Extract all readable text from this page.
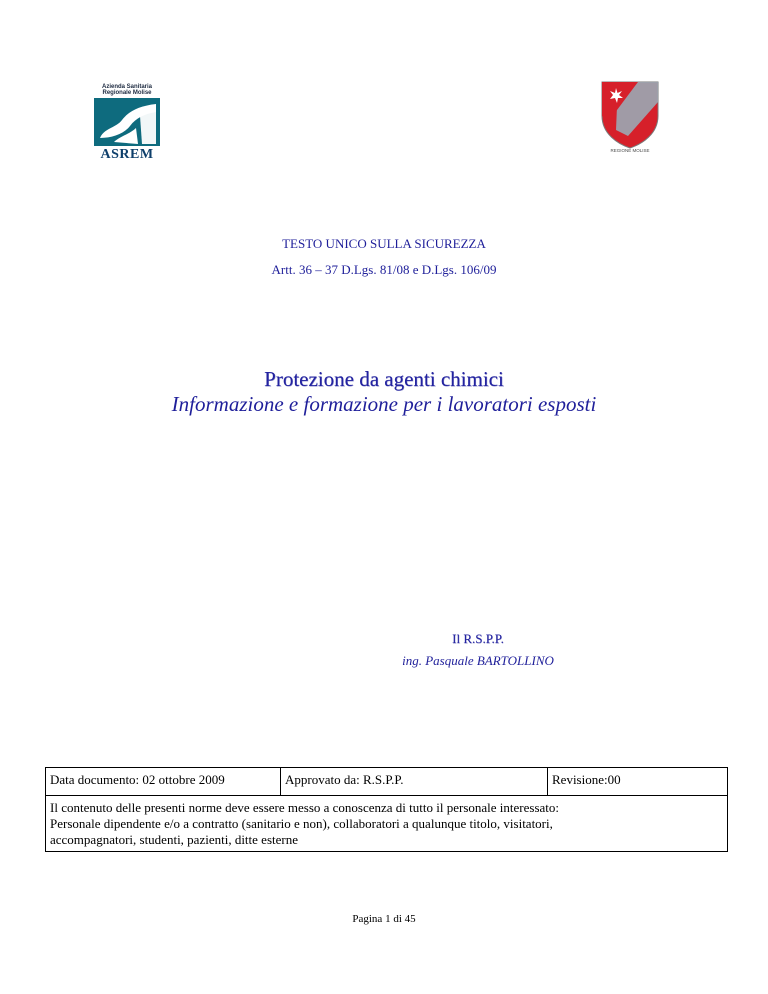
Azienda Sanitaria
Regionale Molise
ASREM	REGIONE MOLISE
TESTO UNICO SULLA SICUREZZA
Artt. 36 – 37 D.Lgs. 81/08 e D.Lgs. 106/09
Protezione da agenti chimici
Informazione e formazione per i lavoratori esposti
Il R.S.P.P.
ing. Pasquale BARTOLLINO
Data documento: 02 ottobre 2009	Approvato da: R.S.P.P.	Revisione:00

Il contenuto delle presenti norme deve essere messo a conoscenza di tutto il personale interessato:
Personale dipendente e/o a contratto (sanitario e non), collaboratori a qualunque titolo, visitatori,
accompagnatori, studenti, pazienti, ditte esterne
Pagina 1 di 45
